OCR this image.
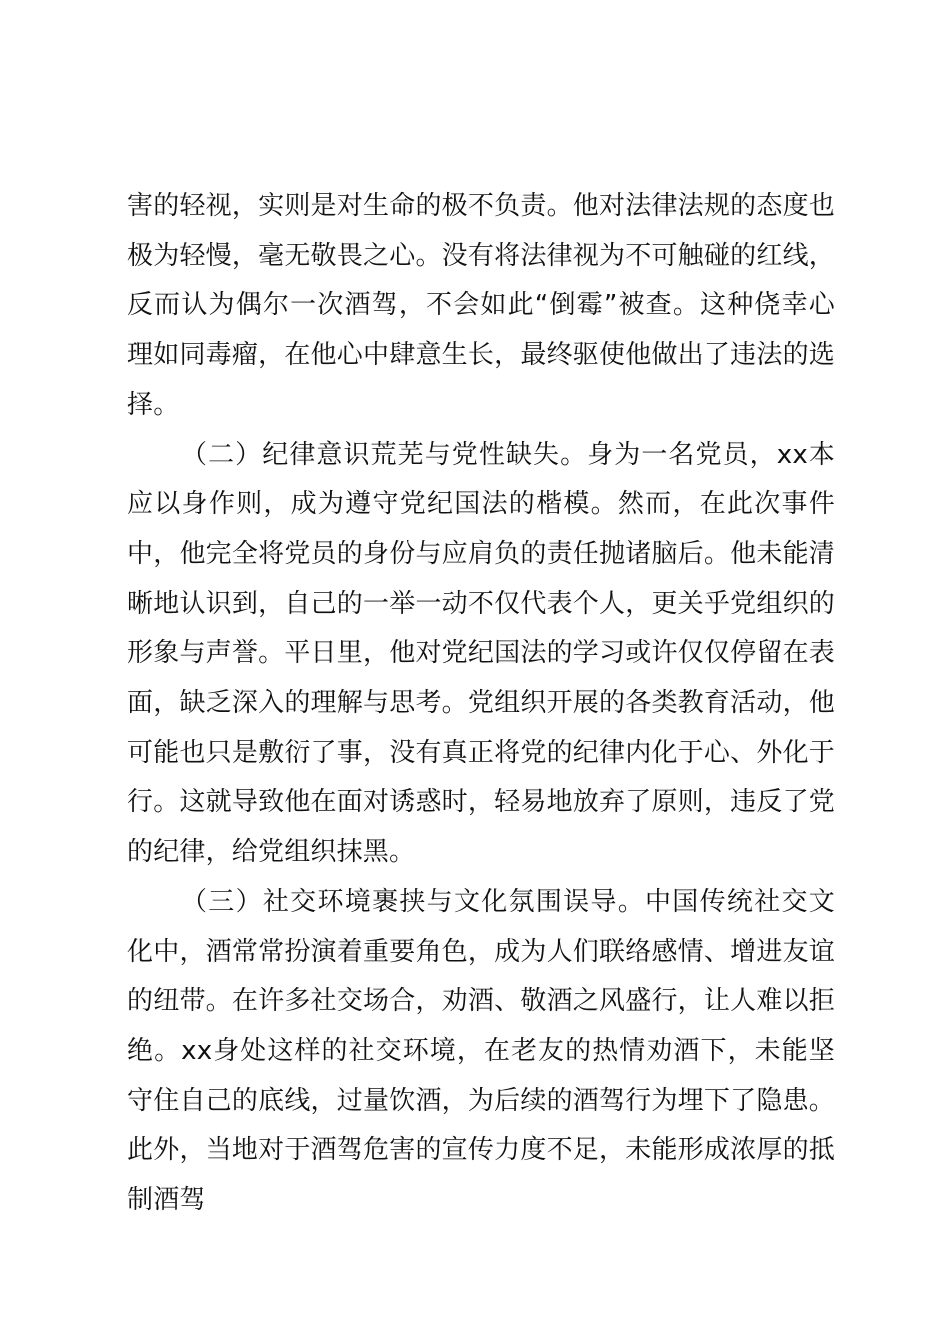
害的轻视，实则是对生命的极不负责。他对法律法规的态度也极为轻慢，毫无敬畏之心。没有将法律视为不可触碰的红线，反而认为偶尔一次酒驾，不会如此“倒霉”被查。这种侥幸心理如同毒瘤，在他心中肆意生长，最终驱使他做出了违法的选择。

（二）纪律意识荒芜与党性缺失。身为一名党员，xx本应以身作则，成为遵守党纪国法的楷模。然而，在此次事件中，他完全将党员的身份与应肩负的责任抛诸脑后。他未能清晰地认识到，自己的一举一动不仅代表个人，更关乎党组织的形象与声誉。平日里，他对党纪国法的学习或许仅仅停留在表面，缺乏深入的理解与思考。党组织开展的各类教育活动，他可能也只是敷衍了事，没有真正将党的纪律内化于心、外化于行。这就导致他在面对诱惑时，轻易地放弃了原则，违反了党的纪律，给党组织抹黑。

（三）社交环境裹挟与文化氛围误导。中国传统社交文化中，酒常常扮演着重要角色，成为人们联络感情、增进友谊的纽带。在许多社交场合，劝酒、敬酒之风盛行，让人难以拒绝。xx身处这样的社交环境，在老友的热情劝酒下，未能坚守住自己的底线，过量饮酒，为后续的酒驾行为埋下了隐患。此外，当地对于酒驾危害的宣传力度不足，未能形成浓厚的抵制酒驾
